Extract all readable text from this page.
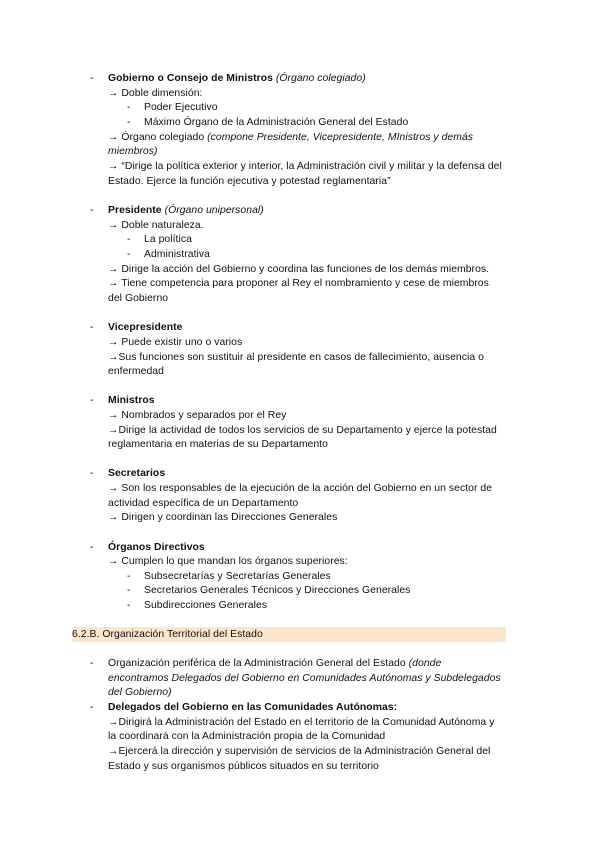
- Gobierno o Consejo de Ministros (Órgano colegiado)
→ Doble dimensión:
- Poder Ejecutivo
- Máximo Órgano de la Administración General del Estado
→ Órgano colegiado (compone Presidente, Vicepresidente, MInistros y demás
miembros)
→ “Dirige la política exterior y interior, la Administración civil y militar y la defensa del
Estado. Ejerce la función ejecutiva y potestad reglamentaria”
- Presidente (Órgano unipersonal)
→ Doble naturaleza.
- La política
- Administrativa
→ Dirige la acción del Gobierno y coordina las funciones de los demás miembros.
→ Tiene competencia para proponer al Rey el nombramiento y cese de miembros
del Gobierno
- Vicepresidente
→ Puede existir uno o varios
→Sus funciones son sustituir al presidente en casos de fallecimiento, ausencia o
enfermedad
- Ministros
→ Nombrados y separados por el Rey
→Dirige la actividad de todos los servicios de su Departamento y ejerce la potestad
reglamentaria en materias de su Departamento
- Secretarios
→ Son los responsables de la ejecución de la acción del Gobierno en un sector de
actividad específica de un Departamento
→ Dirigen y coordinan las Direcciones Generales
- Órganos Directivos
→ Cumplen lo que mandan los órganos superiores:
- Subsecretarías y Secretarías Generales
- Secretarios Generales Técnicos y Direcciones Generales
- Subdirecciones Generales
6.2.B. Organización Territorial del Estado
- Organización periférica de la Administración General del Estado (donde
encontramos Delegados del Gobierno en Comunidades Autónomas y Subdelegados
del Gobierno)
- Delegados del Gobierno en las Comunidades Autónomas:
→Dirigirá la Administración del Estado en el territorio de la Comunidad Autónoma y
la coordinará con la Administración propia de la Comunidad
→Ejercerá la dirección y supervisión de servicios de la Administración General del
Estado y sus organismos públicos situados en su territorio
